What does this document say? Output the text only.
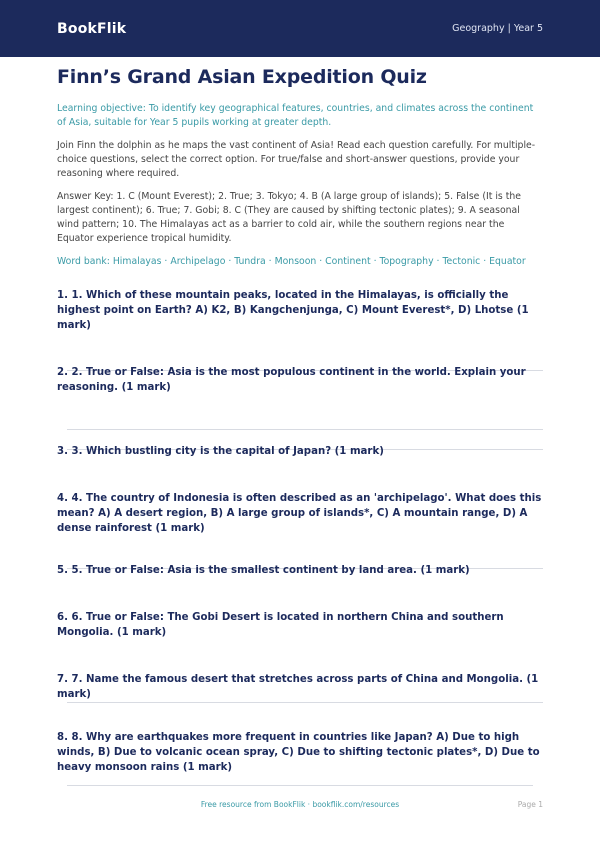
BookFlik	Geography | Year 5
Finn’s Grand Asian Expedition Quiz

Learning objective: To identify key geographical features, countries, and climates across the continent of Asia, suitable for Year 5 pupils working at greater depth.

Join Finn the dolphin as he maps the vast continent of Asia! Read each question carefully. For multiple-choice questions, select the correct option. For true/false and short-answer questions, provide your reasoning where required.

Answer Key: 1. C (Mount Everest); 2. True; 3. Tokyo; 4. B (A large group of islands); 5. False (It is the largest continent); 6. True; 7. Gobi; 8. C (They are caused by shifting tectonic plates); 9. A seasonal wind pattern; 10. The Himalayas act as a barrier to cold air, while the southern regions near the Equator experience tropical humidity.

Word bank: Himalayas · Archipelago · Tundra · Monsoon · Continent · Topography · Tectonic · Equator

1. 1. Which of these mountain peaks, located in the Himalayas, is officially the highest point on Earth? A) K2, B) Kangchenjunga, C) Mount Everest*, D) Lhotse (1 mark)

2. 2. True or False: Asia is the most populous continent in the world. Explain your reasoning. (1 mark)

3. 3. Which bustling city is the capital of Japan? (1 mark)

4. 4. The country of Indonesia is often described as an 'archipelago'. What does this mean? A) A desert region, B) A large group of islands*, C) A mountain range, D) A dense rainforest (1 mark)

5. 5. True or False: Asia is the smallest continent by land area. (1 mark)

6. 6. True or False: The Gobi Desert is located in northern China and southern Mongolia. (1 mark)

7. 7. Name the famous desert that stretches across parts of China and Mongolia. (1 mark)

8. 8. Why are earthquakes more frequent in countries like Japan? A) Due to high winds, B) Due to volcanic ocean spray, C) Due to shifting tectonic plates*, D) Due to heavy monsoon rains (1 mark)

Free resource from BookFlik · bookflik.com/resources	Page 1
